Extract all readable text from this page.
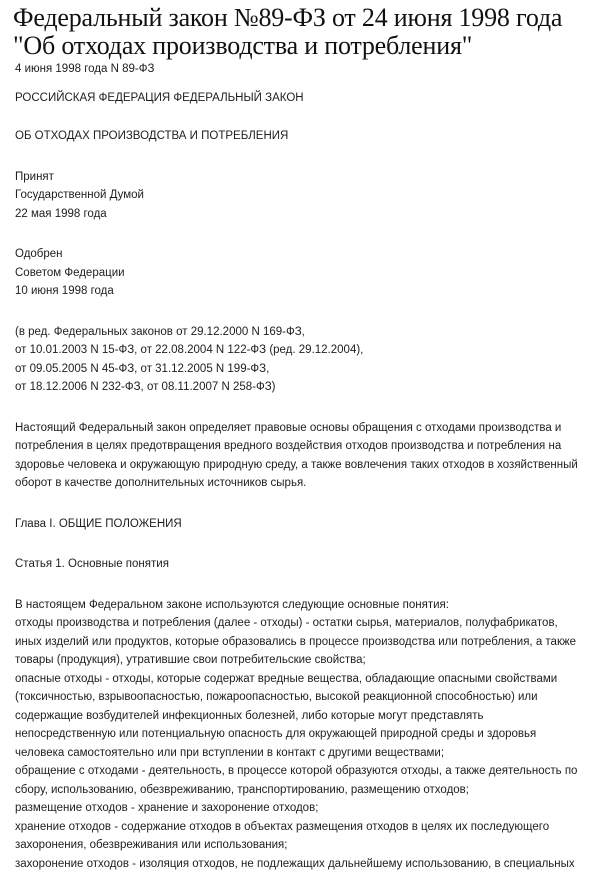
Федеральный закон №89-ФЗ от 24 июня 1998 года
"Об отходах производства и потребления"
4 июня 1998 года N 89-ФЗ
РОССИЙСКАЯ ФЕДЕРАЦИЯ ФЕДЕРАЛЬНЫЙ ЗАКОН
ОБ ОТХОДАХ ПРОИЗВОДСТВА И ПОТРЕБЛЕНИЯ
Принят
Государственной Думой
22 мая 1998 года
Одобрен
Советом Федерации
10 июня 1998 года
(в ред. Федеральных законов от 29.12.2000 N 169-ФЗ,
от 10.01.2003 N 15-ФЗ, от 22.08.2004 N 122-ФЗ (ред. 29.12.2004),
от 09.05.2005 N 45-ФЗ, от 31.12.2005 N 199-ФЗ,
от 18.12.2006 N 232-ФЗ, от 08.11.2007 N 258-ФЗ)
Настоящий Федеральный закон определяет правовые основы обращения с отходами производства и
потребления в целях предотвращения вредного воздействия отходов производства и потребления на
здоровье человека и окружающую природную среду, а также вовлечения таких отходов в хозяйственный
оборот в качестве дополнительных источников сырья.
Глава I. ОБЩИЕ ПОЛОЖЕНИЯ
Статья 1. Основные понятия
В настоящем Федеральном законе используются следующие основные понятия:
отходы производства и потребления (далее - отходы) - остатки сырья, материалов, полуфабрикатов,
иных изделий или продуктов, которые образовались в процессе производства или потребления, а также
товары (продукция), утратившие свои потребительские свойства;
опасные отходы - отходы, которые содержат вредные вещества, обладающие опасными свойствами
(токсичностью, взрывоопасностью, пожароопасностью, высокой реакционной способностью) или
содержащие возбудителей инфекционных болезней, либо которые могут представлять
непосредственную или потенциальную опасность для окружающей природной среды и здоровья
человека самостоятельно или при вступлении в контакт с другими веществами;
обращение с отходами - деятельность, в процессе которой образуются отходы, а также деятельность по
сбору, использованию, обезвреживанию, транспортированию, размещению отходов;
размещение отходов - хранение и захоронение отходов;
хранение отходов - содержание отходов в объектах размещения отходов в целях их последующего
захоронения, обезвреживания или использования;
захоронение отходов - изоляция отходов, не подлежащих дальнейшему использованию, в специальных
